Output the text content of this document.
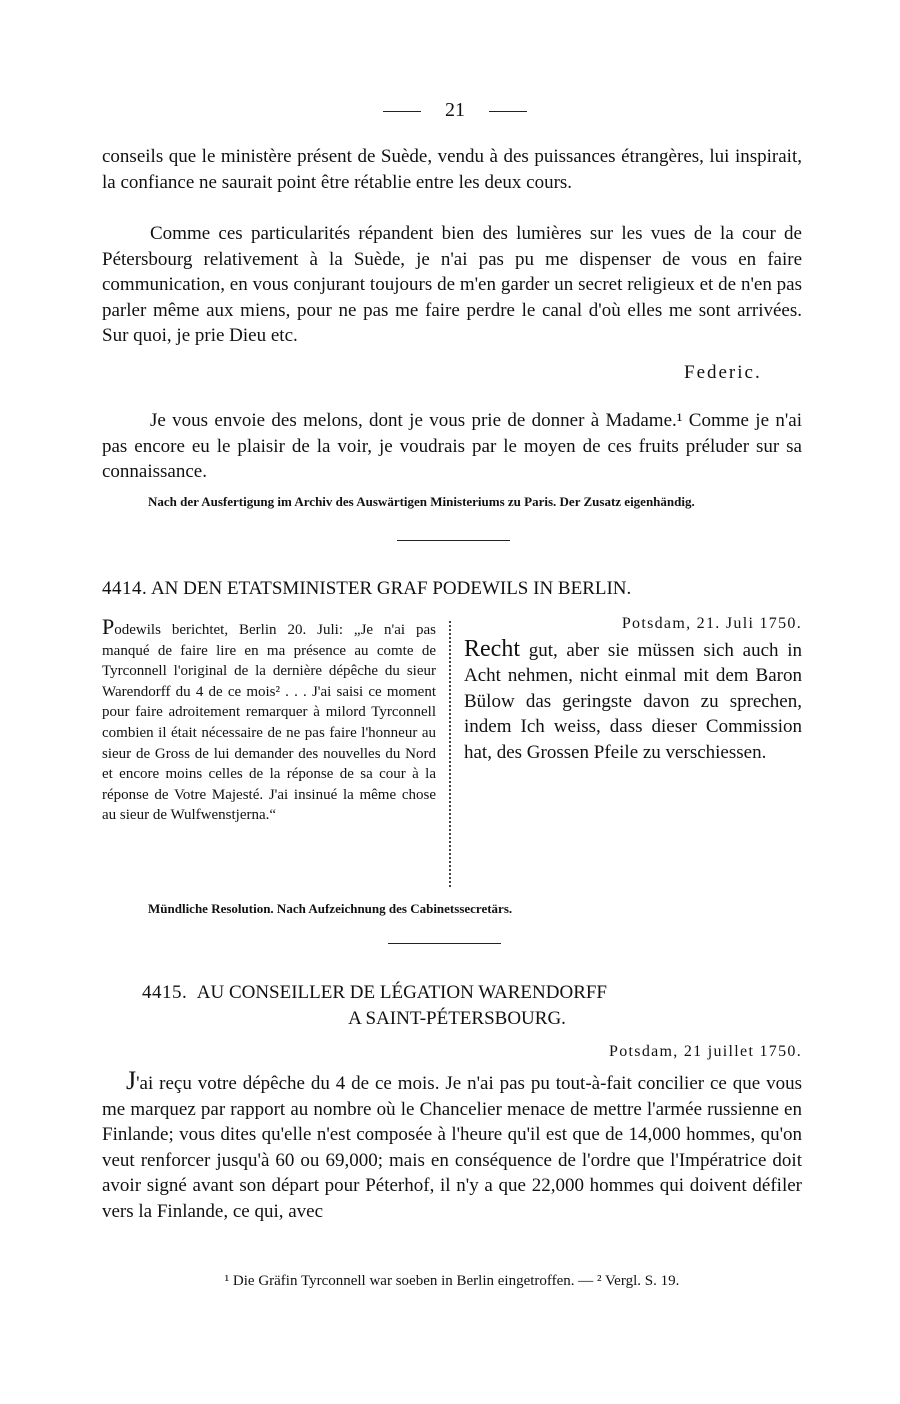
21

conseils que le ministère présent de Suède, vendu à des puissances étrangères, lui inspirait, la confiance ne saurait point être rétablie entre les deux cours.

Comme ces particularités répandent bien des lumières sur les vues de la cour de Pétersbourg relativement à la Suède, je n'ai pas pu me dispenser de vous en faire communication, en vous conjurant toujours de m'en garder un secret religieux et de n'en pas parler même aux miens, pour ne pas me faire perdre le canal d'où elles me sont arrivées. Sur quoi, je prie Dieu etc.

Federic.

Je vous envoie des melons, dont je vous prie de donner à Madame.¹ Comme je n'ai pas encore eu le plaisir de la voir, je voudrais par le moyen de ces fruits préluder sur sa connaissance.

Nach der Ausfertigung im Archiv des Auswärtigen Ministeriums zu Paris. Der Zusatz eigenhändig.

4414. AN DEN ETATSMINISTER GRAF PODEWILS IN BERLIN.
Podewils berichtet, Berlin 20. Juli: „Je n'ai pas manqué de faire lire en ma présence au comte de Tyrconnell l'original de la dernière dépêche du sieur Warendorff du 4 de ce mois² . . . J'ai saisi ce moment pour faire adroitement remarquer à milord Tyrconnell combien il était nécessaire de ne pas faire l'honneur au sieur de Gross de lui demander des nouvelles du Nord et encore moins celles de la réponse de sa cour à la réponse de Votre Majesté. J'ai insinué la même chose au sieur de Wulfwenstjerna.“
Potsdam, 21. Juli 1750.
Recht gut, aber sie müssen sich auch in Acht nehmen, nicht einmal mit dem Baron Bülow das geringste davon zu sprechen, indem Ich weiss, dass dieser Commission hat, des Grossen Pfeile zu verschiessen.

Mündliche Resolution. Nach Aufzeichnung des Cabinetssecretärs.

4415. AU CONSEILLER DE LÉGATION WARENDORFF
A SAINT-PÉTERSBOURG.
Potsdam, 21 juillet 1750.

J'ai reçu votre dépêche du 4 de ce mois. Je n'ai pas pu tout-à-fait concilier ce que vous me marquez par rapport au nombre où le Chancelier menace de mettre l'armée russienne en Finlande; vous dites qu'elle n'est composée à l'heure qu'il est que de 14,000 hommes, qu'on veut renforcer jusqu'à 60 ou 69,000; mais en conséquence de l'ordre que l'Impératrice doit avoir signé avant son départ pour Péterhof, il n'y a que 22,000 hommes qui doivent défiler vers la Finlande, ce qui, avec

¹ Die Gräfin Tyrconnell war soeben in Berlin eingetroffen. — ² Vergl. S. 19.
